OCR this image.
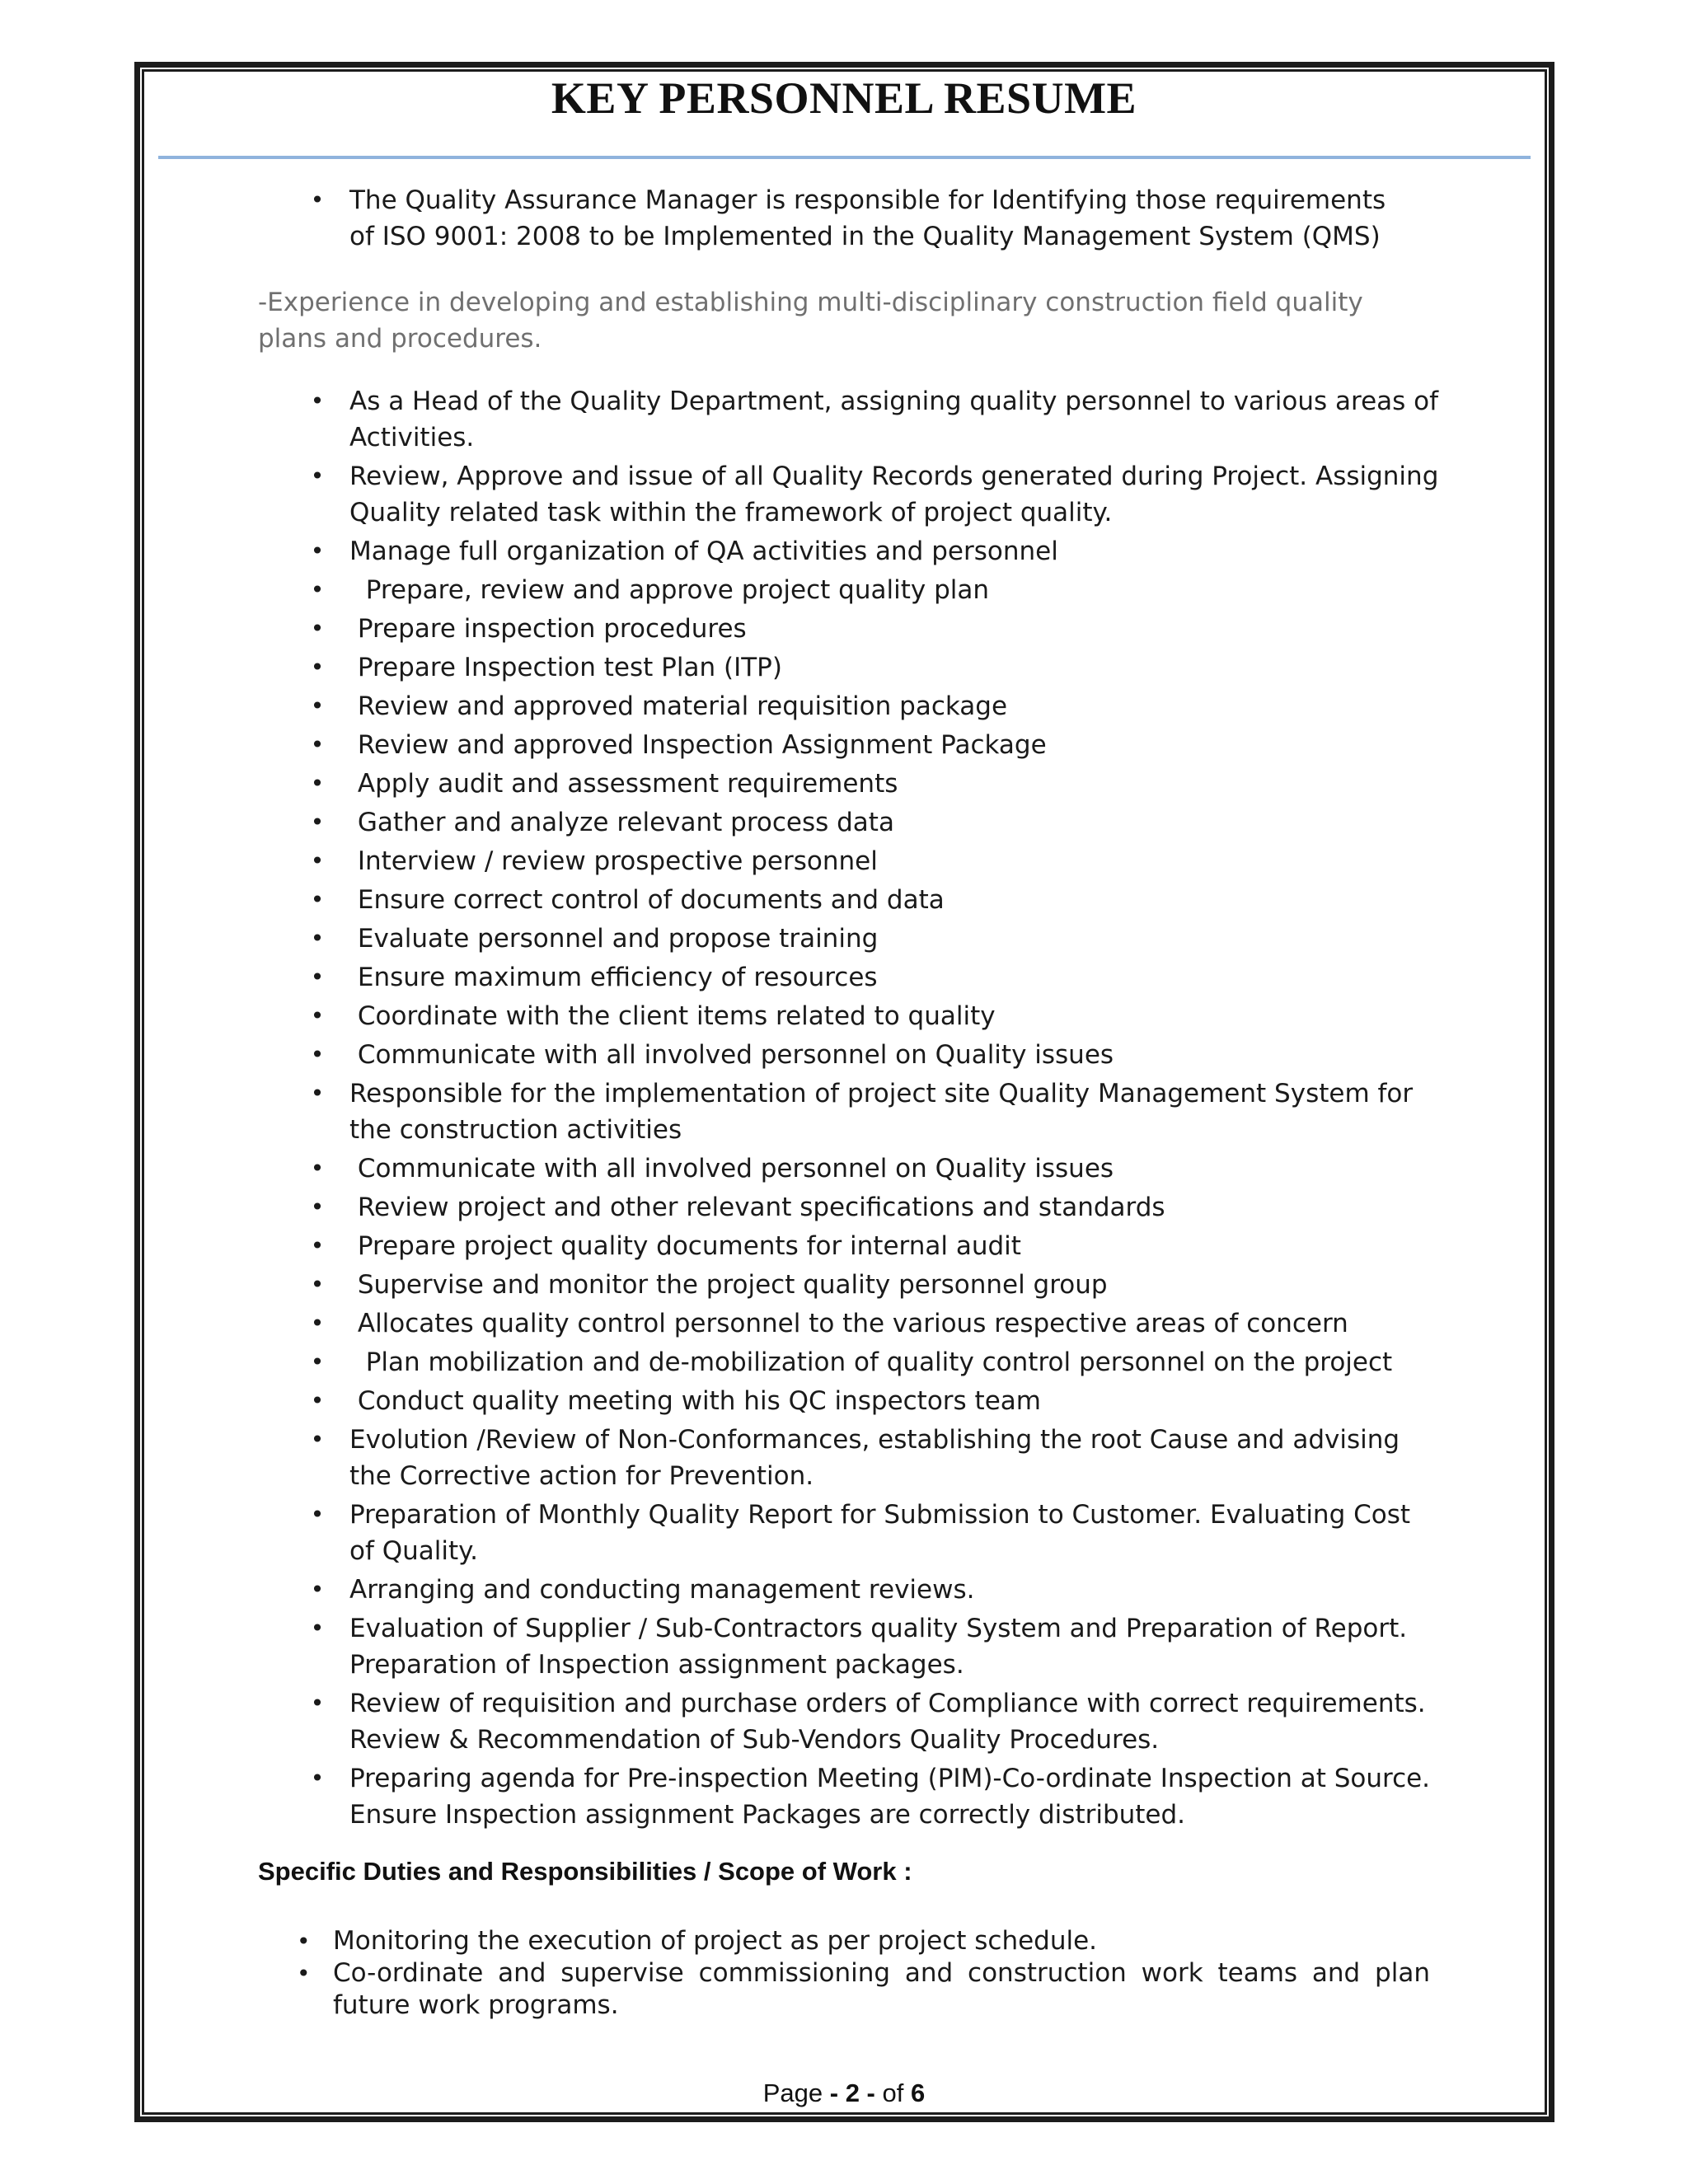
KEY PERSONNEL RESUME
• The Quality Assurance Manager is responsible for Identifying those requirements   of ISO 9001: 2008 to be Implemented in the Quality Management System (QMS)
-Experience in developing and establishing multi-disciplinary construction field quality plans and procedures.
• As a Head of the Quality Department, assigning quality personnel to various areas of Activities.
• Review, Approve and issue of all Quality Records generated during Project. Assigning Quality related task within the framework of project quality.
• Manage full organization of QA activities and personnel
• Prepare, review and approve project quality plan
• Prepare inspection procedures
• Prepare Inspection test Plan (ITP)
• Review and approved material requisition package
• Review and approved Inspection Assignment Package
• Apply audit and assessment requirements
• Gather and analyze relevant process data
• Interview / review prospective personnel
• Ensure correct control of documents and data
• Evaluate personnel and propose training
• Ensure maximum efficiency of resources
• Coordinate with the client items related to quality
• Communicate with all involved personnel on Quality issues
• Responsible for the implementation of project site Quality Management System for the construction activities
• Communicate with all involved personnel on Quality issues
• Review project and other relevant specifications and standards
• Prepare project quality documents for internal audit
• Supervise and monitor the project quality personnel group
• Allocates quality control personnel to the various respective areas of concern
• Plan mobilization and de-mobilization of quality control personnel on the project
• Conduct quality meeting with his QC inspectors team
• Evolution /Review of Non-Conformances, establishing the root Cause and advising the Corrective action for Prevention.
• Preparation of Monthly Quality Report for Submission to Customer. Evaluating Cost of Quality.
• Arranging and conducting management reviews.
• Evaluation of Supplier / Sub-Contractors quality System and Preparation of Report. Preparation of Inspection assignment packages.
• Review of requisition and purchase orders of Compliance with correct requirements. Review & Recommendation of Sub-Vendors Quality Procedures.
• Preparing agenda for Pre-inspection Meeting (PIM)-Co-ordinate Inspection at Source. Ensure Inspection assignment Packages are correctly distributed.
Specific Duties and Responsibilities / Scope of Work :
• Monitoring the execution of project as per project schedule.
• Co-ordinate and supervise commissioning and construction work teams and plan future work programs.
Page - 2 - of 6
